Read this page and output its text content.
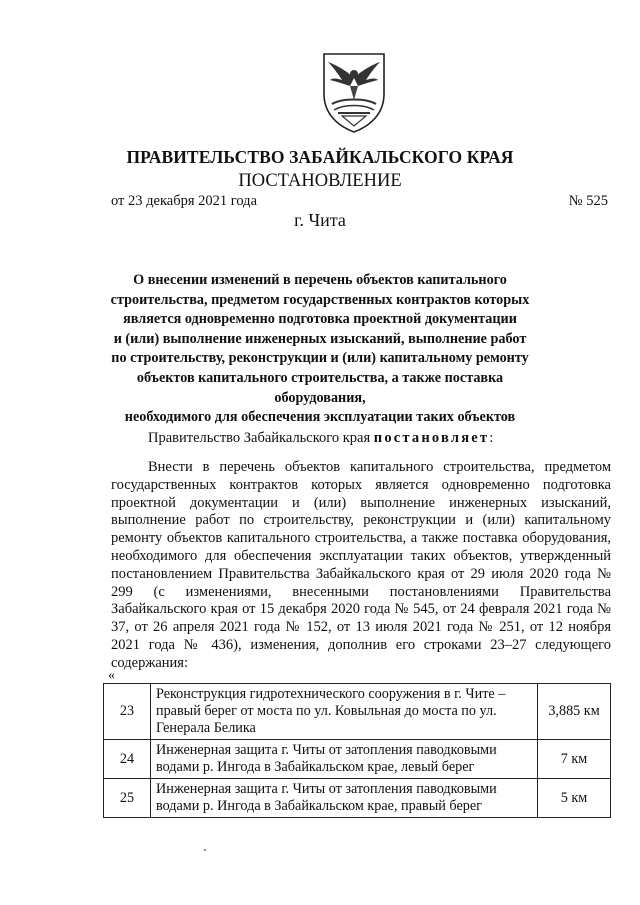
ПРАВИТЕЛЬСТВО ЗАБАЙКАЛЬСКОГО КРАЯ
ПОСТАНОВЛЕНИЕ
от 23 декабря 2021 года	№ 525
г. Чита
О внесении изменений в перечень объектов капитального
строительства, предметом государственных контрактов которых
является одновременно подготовка проектной документации
и (или) выполнение инженерных изысканий, выполнение работ
по строительству, реконструкции и (или) капитальному ремонту
объектов капитального строительства, а также поставка оборудования,
необходимого для обеспечения эксплуатации таких объектов
Правительство Забайкальского края постановляет:
Внести в перечень объектов капитального строительства, предметом государственных контрактов которых является одновременно подготовка проектной документации и (или) выполнение инженерных изысканий, выполнение работ по строительству, реконструкции и (или) капитальному ремонту объектов капитального строительства, а также поставка оборудования, необходимого для обеспечения эксплуатации таких объектов, утвержденный постановлением Правительства Забайкальского края от 29 июля 2020 года № 299 (с изменениями, внесенными постановлениями Правительства Забайкальского края от 15 декабря 2020 года № 545, от 24 февраля 2021 года № 37, от 26 апреля 2021 года № 152, от 13 июля 2021 года № 251, от 12 ноября 2021 года № 436), изменения, дополнив его строками 23–27 следующего содержания:
«
23	Реконструкция гидротехнического сооружения в г. Чите – правый берег от моста по ул. Ковыльная до моста по ул. Генерала Белика	3,885 км
24	Инженерная защита г. Читы от затопления паводковыми водами р. Ингода в Забайкальском крае, левый берег	7 км
25	Инженерная защита г. Читы от затопления паводковыми водами р. Ингода в Забайкальском крае, правый берег	5 км
